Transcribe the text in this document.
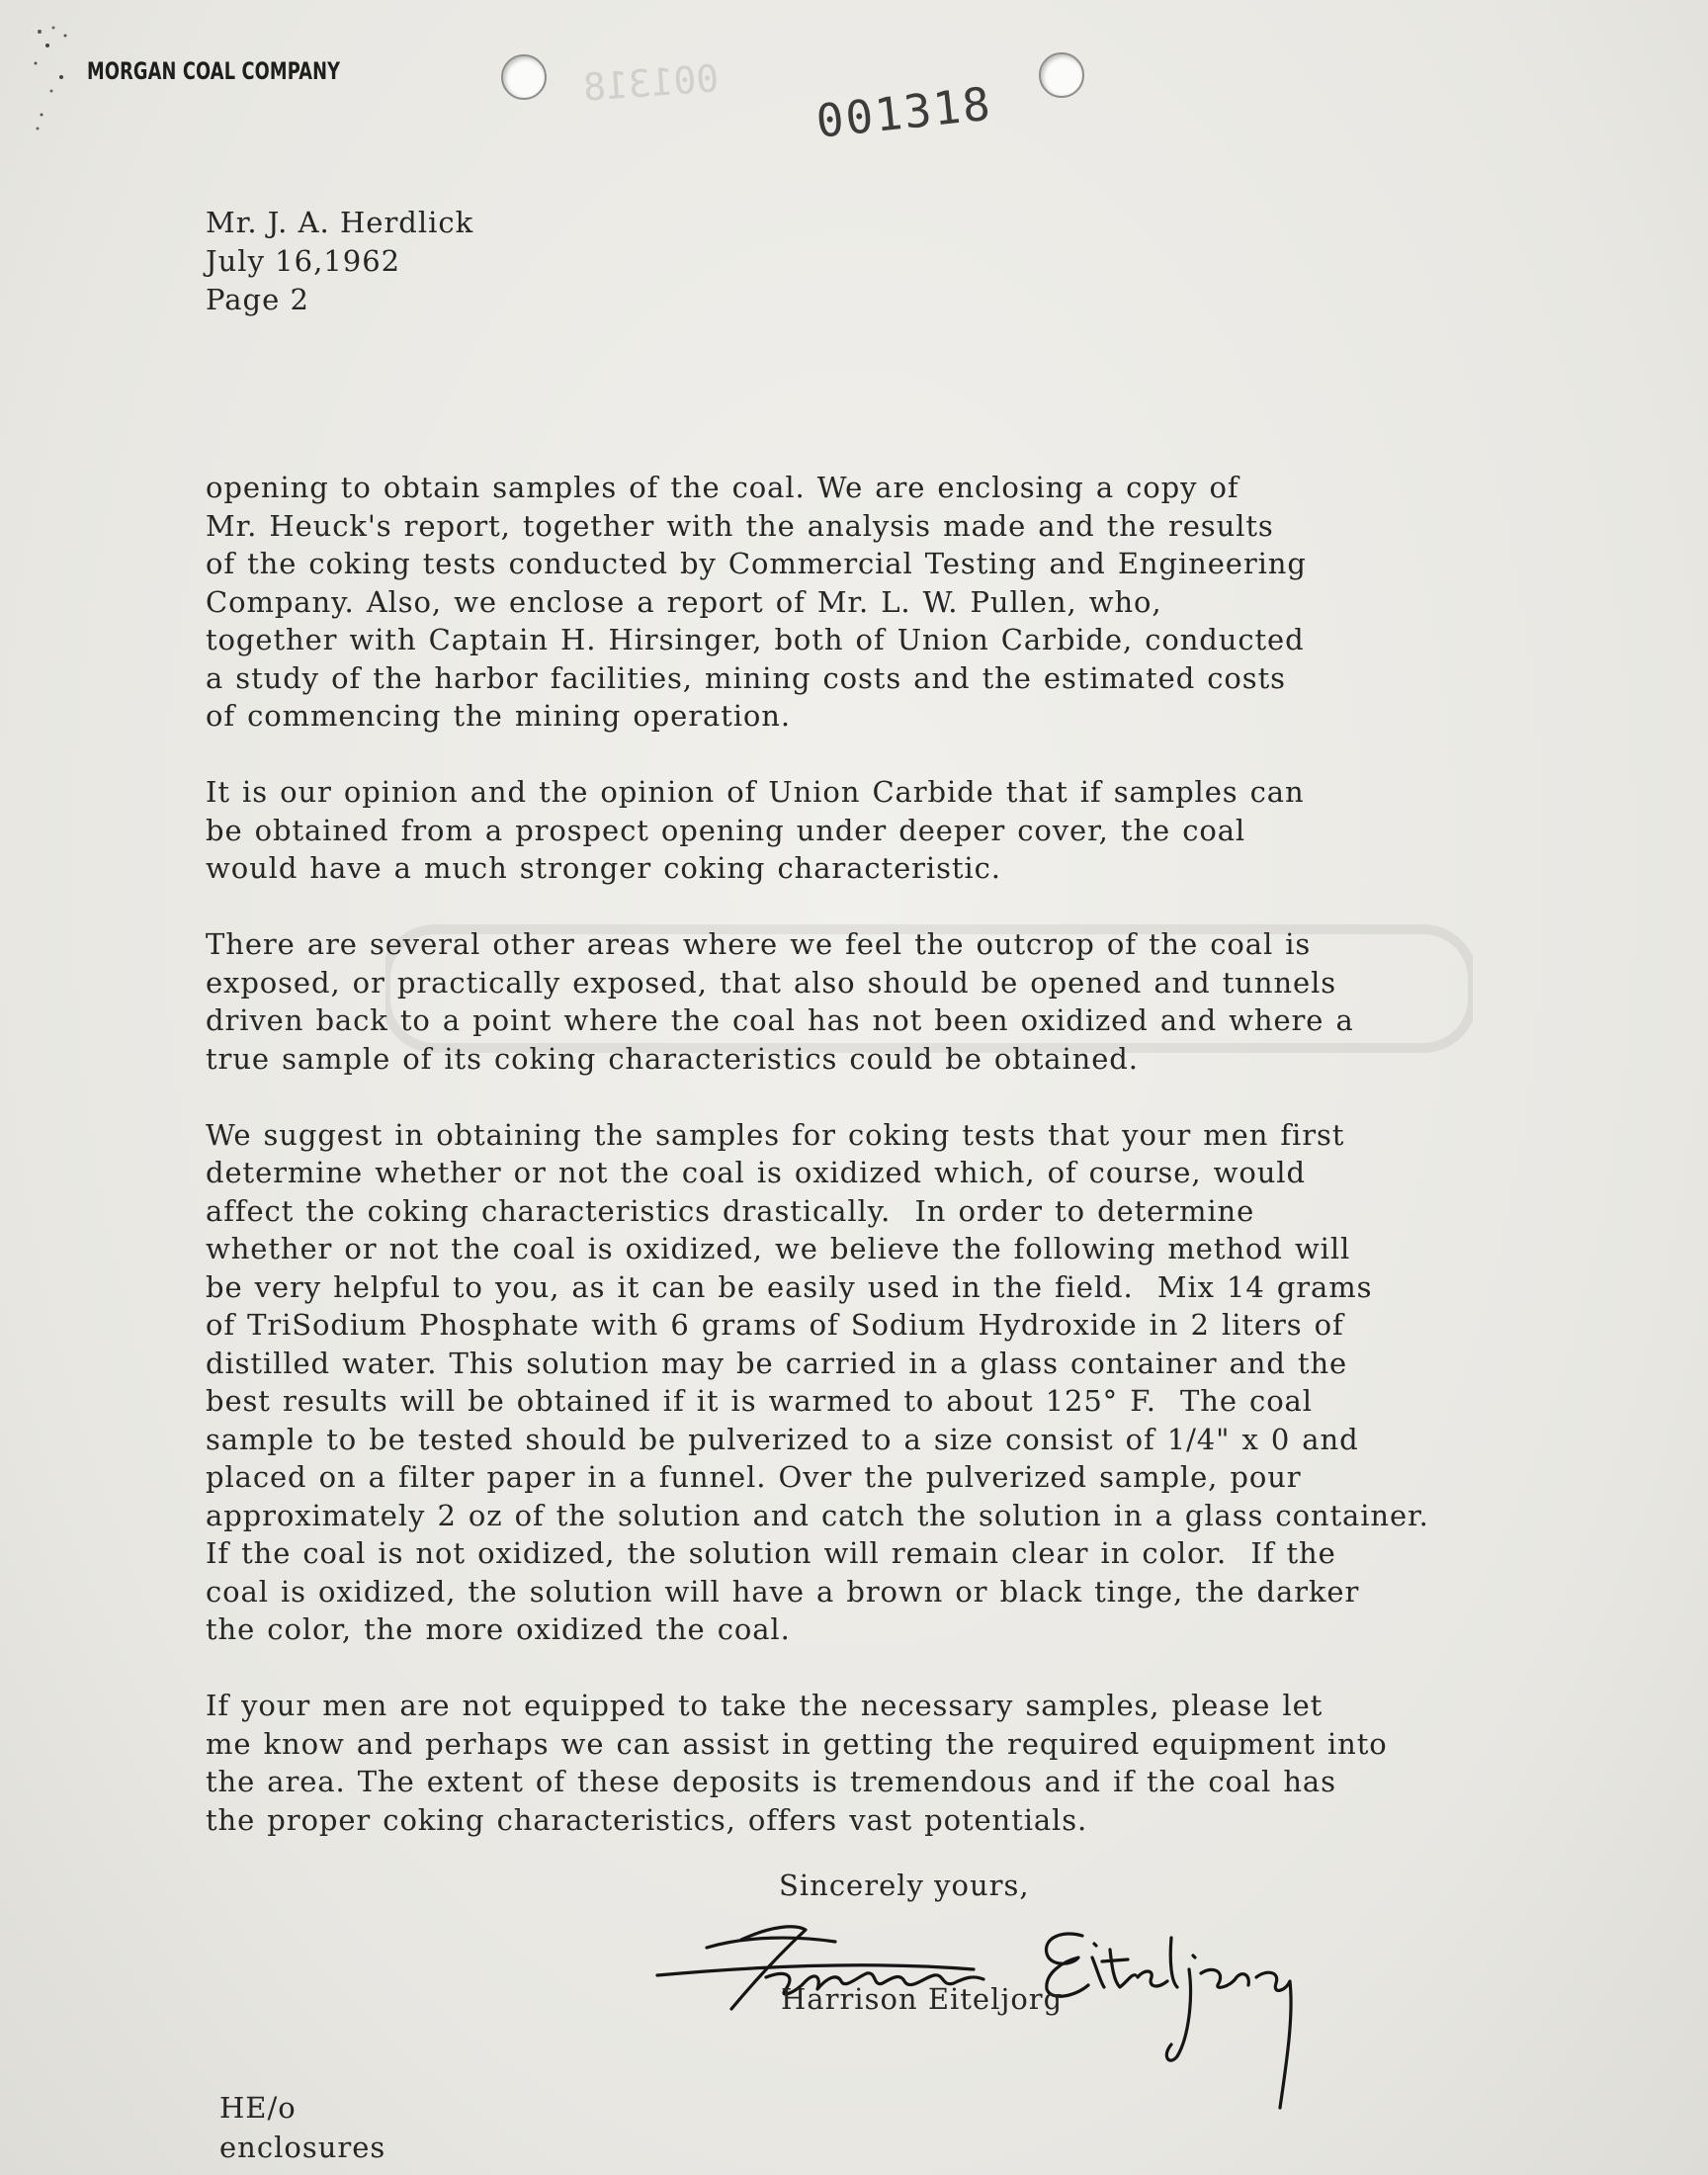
MORGAN COAL COMPANY	001318 001318
Mr. J. A. Herdlick
July 16,1962
Page 2
opening to obtain samples of the coal. We are enclosing a copy of
Mr. Heuck's report, together with the analysis made and the results
of the coking tests conducted by Commercial Testing and Engineering
Company. Also, we enclose a report of Mr. L. W. Pullen, who,
together with Captain H. Hirsinger, both of Union Carbide, conducted
a study of the harbor facilities, mining costs and the estimated costs
of commencing the mining operation.
It is our opinion and the opinion of Union Carbide that if samples can
be obtained from a prospect opening under deeper cover, the coal
would have a much stronger coking characteristic.
There are several other areas where we feel the outcrop of the coal is
exposed, or practically exposed, that also should be opened and tunnels
driven back to a point where the coal has not been oxidized and where a
true sample of its coking characteristics could be obtained.
We suggest in obtaining the samples for coking tests that your men first
determine whether or not the coal is oxidized which, of course, would
affect the coking characteristics drastically.  In order to determine
whether or not the coal is oxidized, we believe the following method will
be very helpful to you, as it can be easily used in the field.  Mix 14 grams
of TriSodium Phosphate with 6 grams of Sodium Hydroxide in 2 liters of
distilled water. This solution may be carried in a glass container and the
best results will be obtained if it is warmed to about 125° F.  The coal
sample to be tested should be pulverized to a size consist of 1/4" x 0 and
placed on a filter paper in a funnel. Over the pulverized sample, pour
approximately 2 oz of the solution and catch the solution in a glass container.
If the coal is not oxidized, the solution will remain clear in color.  If the
coal is oxidized, the solution will have a brown or black tinge, the darker
the color, the more oxidized the coal.
If your men are not equipped to take the necessary samples, please let
me know and perhaps we can assist in getting the required equipment into
the area. The extent of these deposits is tremendous and if the coal has
the proper coking characteristics, offers vast potentials.
Sincerely yours,
Harrison Eiteljorg
HE/o
enclosures
